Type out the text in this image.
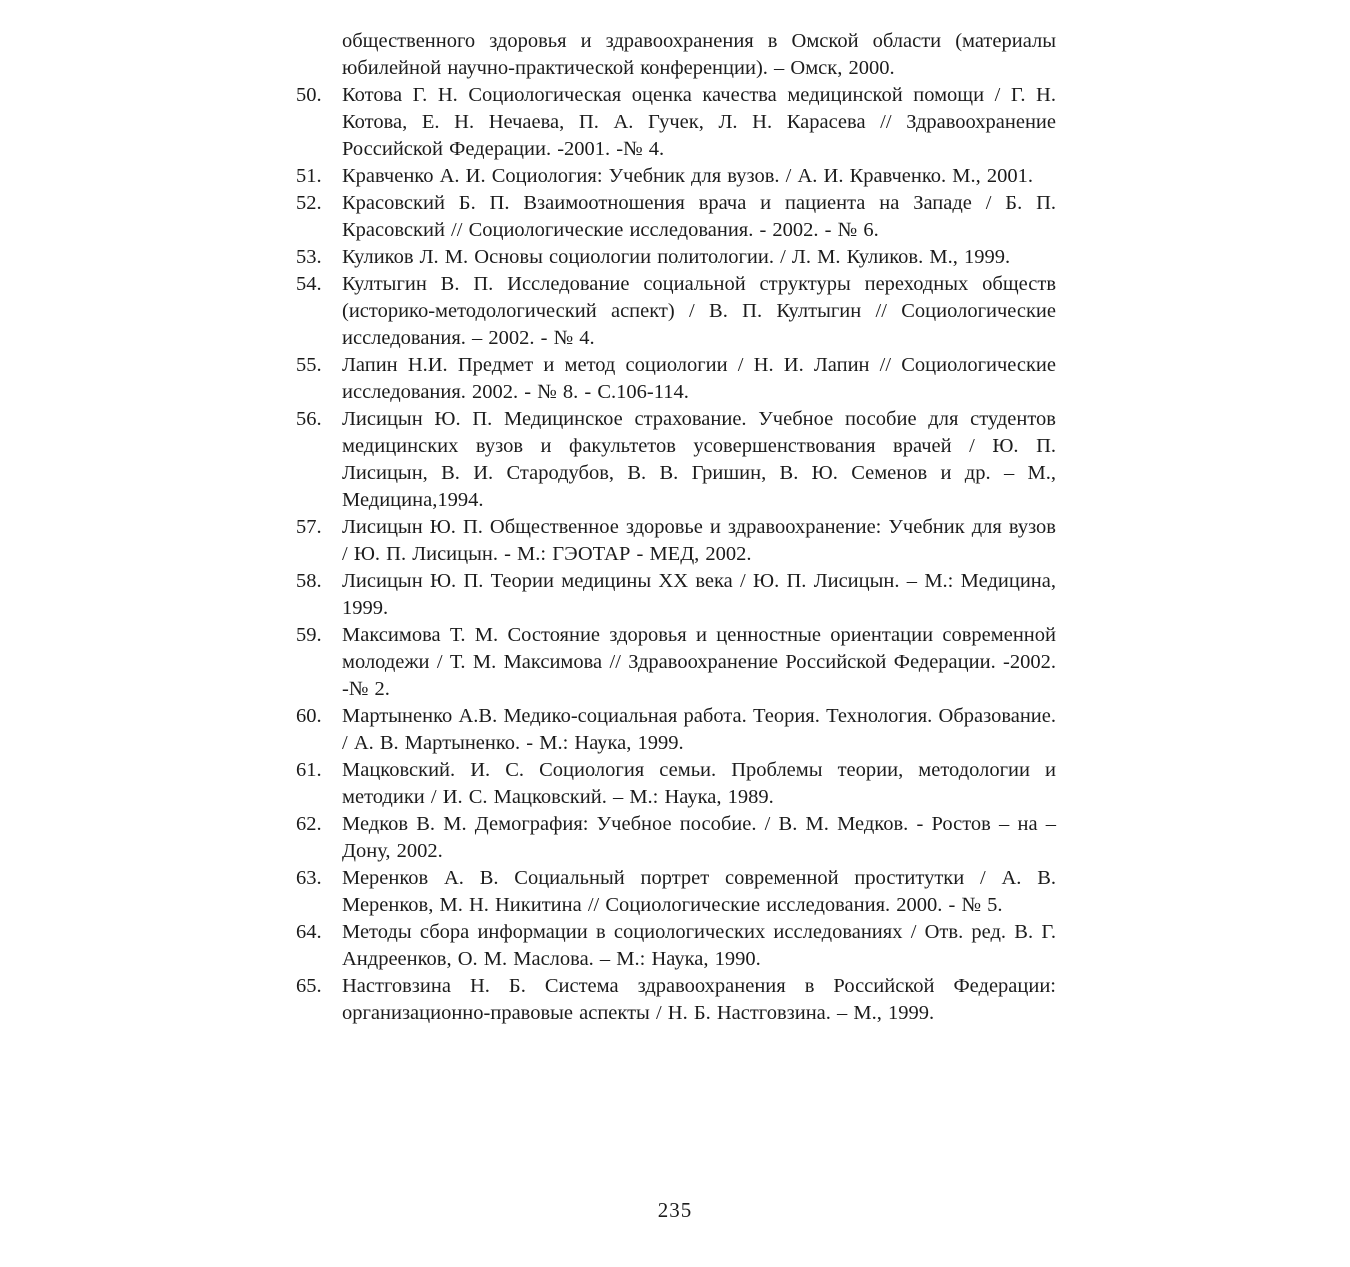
общественного здоровья и здравоохранения в Омской области (материалы юбилейной научно-практической конференции). – Омск, 2000.
50. Котова Г. Н. Социологическая оценка качества медицинской помощи / Г. Н. Котова, Е. Н. Нечаева, П. А. Гучек, Л. Н. Карасева // Здравоохранение Российской Федерации. -2001. -№ 4.
51. Кравченко А. И. Социология: Учебник для вузов. / А. И. Кравченко. М., 2001.
52. Красовский Б. П. Взаимоотношения врача и пациента на Западе / Б. П. Красовский // Социологические исследования. - 2002. - № 6.
53. Куликов Л. М. Основы социологии политологии. / Л. М. Куликов. М., 1999.
54. Култыгин В. П. Исследование социальной структуры переходных обществ (историко-методологический аспект) / В. П. Култыгин // Социологические исследования. – 2002. - № 4.
55. Лапин Н.И. Предмет и метод социологии / Н. И. Лапин // Социологические исследования. 2002. - № 8. - С.106-114.
56. Лисицын Ю. П. Медицинское страхование. Учебное пособие для студентов медицинских вузов и факультетов усовершенствования врачей / Ю. П. Лисицын, В. И. Стародубов, В. В. Гришин, В. Ю. Семенов и др. – М., Медицина,1994.
57. Лисицын Ю. П. Общественное здоровье и здравоохранение: Учебник для вузов / Ю. П. Лисицын. - М.: ГЭОТАР - МЕД, 2002.
58. Лисицын Ю. П. Теории медицины XX века / Ю. П. Лисицын. – М.: Медицина, 1999.
59. Максимова Т. М. Состояние здоровья и ценностные ориентации современной молодежи / Т. М. Максимова // Здравоохранение Российской Федерации. -2002. -№ 2.
60. Мартыненко А.В. Медико-социальная работа. Теория. Технология. Образование. / А. В. Мартыненко. - М.: Наука, 1999.
61. Мацковский. И. С. Социология семьи. Проблемы теории, методологии и методики / И. С. Мацковский. – М.: Наука, 1989.
62. Медков В. М. Демография: Учебное пособие. / В. М. Медков. - Ростов – на – Дону, 2002.
63. Меренков А. В. Социальный портрет современной проститутки / А. В. Меренков, М. Н. Никитина // Социологические исследования. 2000. - № 5.
64. Методы сбора информации в социологических исследованиях / Отв. ред. В. Г. Андреенков, О. М. Маслова. – М.: Наука, 1990.
65. Настговзина Н. Б. Система здравоохранения в Российской Федерации: организационно-правовые аспекты / Н. Б. Настговзина. – М., 1999.
235
